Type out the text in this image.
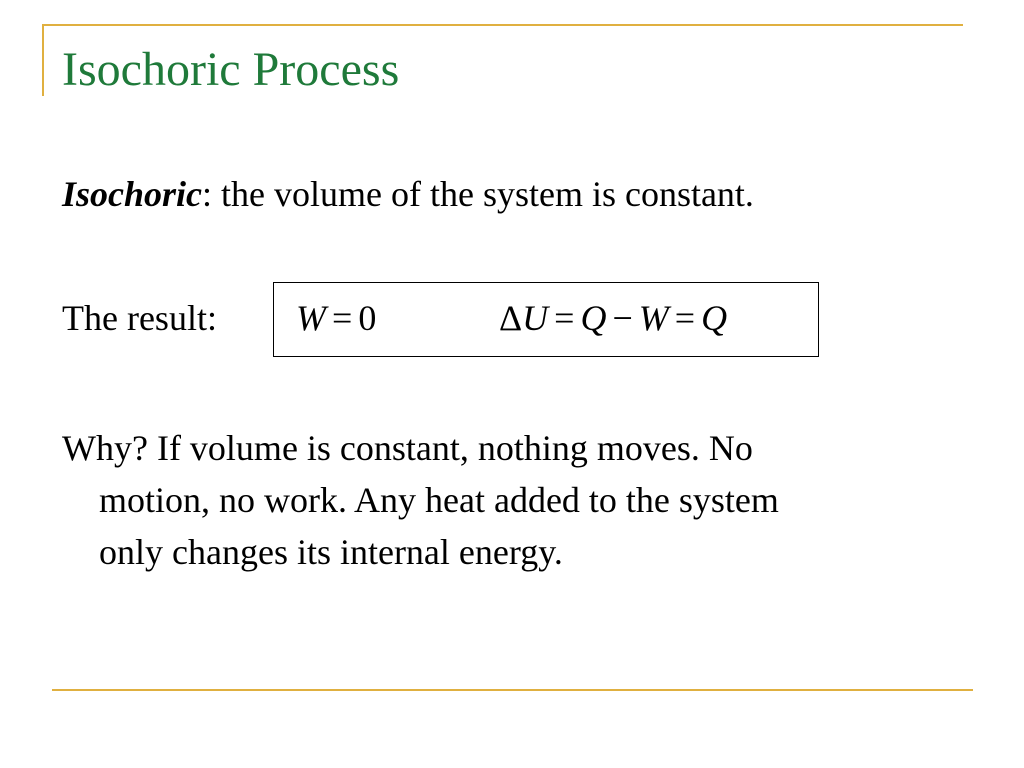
Isochoric Process
Isochoric: the volume of the system is constant.
The result: W = 0	ΔU = Q − W = Q
Why? If volume is constant, nothing moves. No
motion, no work. Any heat added to the system
only changes its internal energy.
